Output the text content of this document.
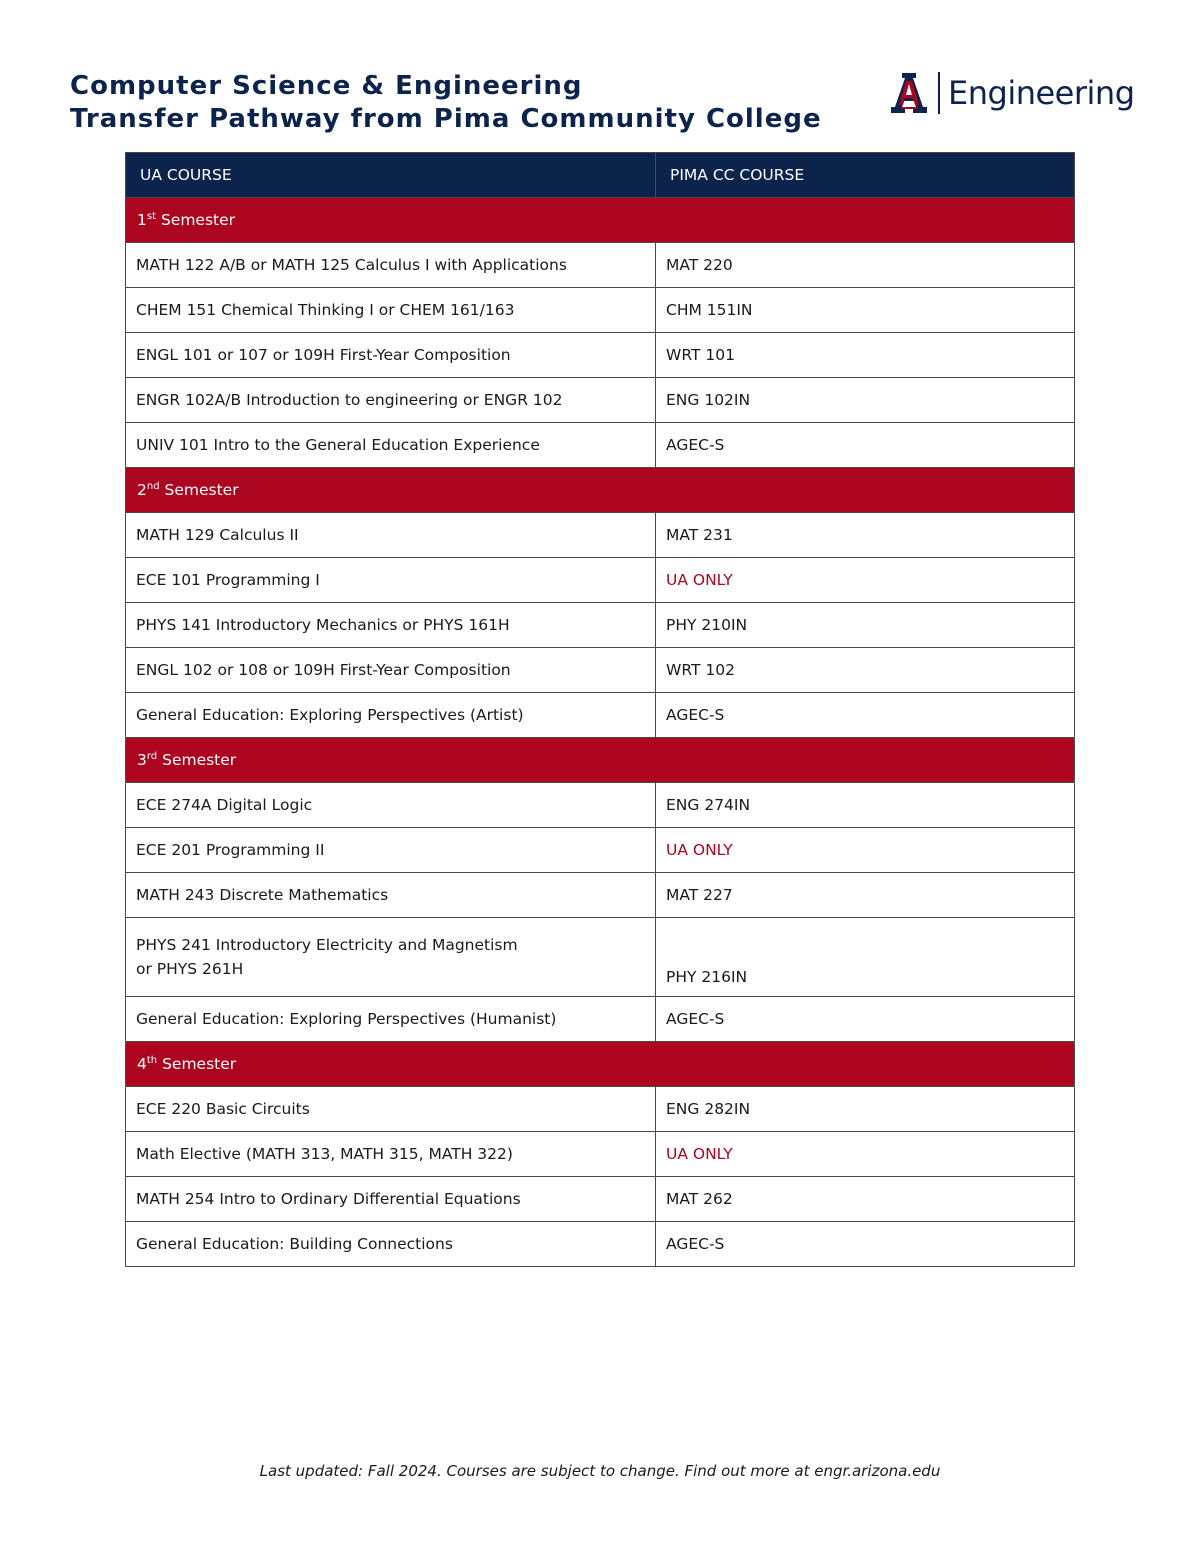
Computer Science & Engineering
Transfer Pathway from Pima Community College
Engineering
UA COURSE	PIMA CC COURSE
1st Semester	
MATH 122 A/B or MATH 125 Calculus I with Applications	MAT 220
CHEM 151 Chemical Thinking I or CHEM 161/163	CHM 151IN
ENGL 101 or 107 or 109H First-Year Composition	WRT 101
ENGR 102A/B Introduction to engineering or ENGR 102	ENG 102IN
UNIV 101 Intro to the General Education Experience	AGEC-S
2nd Semester	
MATH 129 Calculus II	MAT 231
ECE 101 Programming I	UA ONLY
PHYS 141 Introductory Mechanics or PHYS 161H	PHY 210IN
ENGL 102 or 108 or 109H First-Year Composition	WRT 102
General Education: Exploring Perspectives (Artist)	AGEC-S
3rd Semester	
ECE 274A Digital Logic	ENG 274IN
ECE 201 Programming II	UA ONLY
MATH 243 Discrete Mathematics	MAT 227
PHYS 241 Introductory Electricity and Magnetism
or PHYS 261H	PHY 216IN
General Education: Exploring Perspectives (Humanist)	AGEC-S
4th Semester	
ECE 220 Basic Circuits	ENG 282IN
Math Elective (MATH 313, MATH 315, MATH 322)	UA ONLY
MATH 254 Intro to Ordinary Differential Equations	MAT 262
General Education: Building Connections	AGEC-S
Last updated: Fall 2024. Courses are subject to change. Find out more at engr.arizona.edu
